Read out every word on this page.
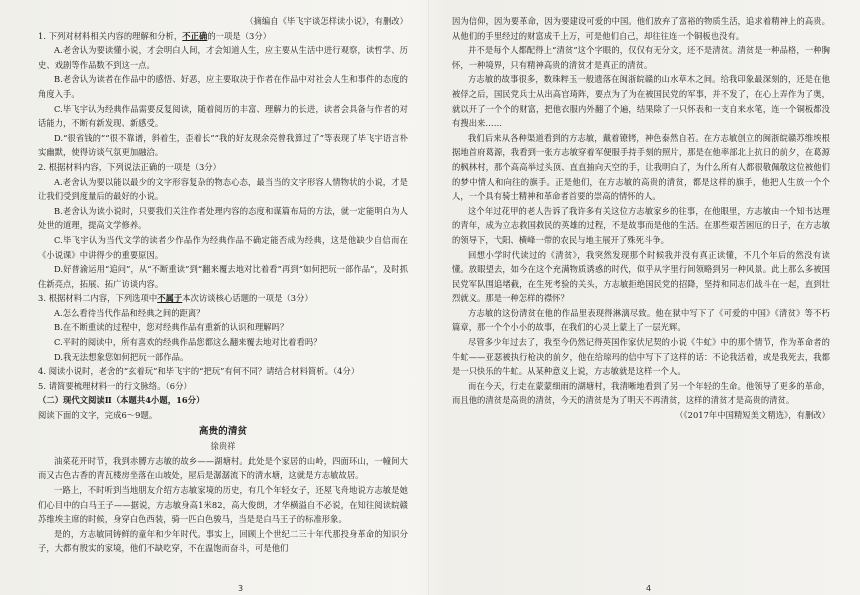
（摘编自《毕飞宇谈怎样读小说》，有删改）
1. 下列对材料相关内容的理解和分析，不正确的一项是（3分）
A.老舍认为要读懂小说，才会明白人间，才会知道人生，应主要从生活中进行观察，读哲学、历史、戏剧等作品数不到这一点。
B.老舍认为读者在作品中的感悟、好恶，应主要取决于作者在作品中对社会人生和事件的态度的角度入手。
C.毕飞宇认为经典作品需要反复阅读，随着阅历的丰富、理解力的长进，读者会具备与作者的对话能力，不断有新发现、新感受。
D.“很省钱的”“很不靠谱，斜着生，歪着长”“我的好友现余亮曾我算过了”等表现了毕飞宇语言朴实幽默，使得访谈气氛更加融洽。
2. 根据材料内容，下列说法正确的一项是（3分）
A.老舍认为要以能以最少的文字形容复杂的物态心态，最当当的文字形容人情物状的小说，才是让我们受到度量后的最好的小说。
B.老舍认为读小说时，只要我们关注作者处理内容的态度和谋篇布局的方法，就一定能明白为人处世的道理，提高文学修养。
C.毕飞宇认为当代文学的读者少作品作为经典作品不确定能否成为经典，这是他缺少自信而在《小说课》中讲得少的重要原因。
D.好普渝运用“追问”，从“不断重读”到“翻来覆去地对比着看”再到“如何把玩一部作品”，及时抓住新亮点，拓展、拓广访谈内容。
3. 根据材料二内容，下列选项中不属于本次访谈核心话题的一项是（3分）
A.怎么看待当代作品和经典之间的距离？
B.在不断重读的过程中，您对经典作品有重新的认识和理解吗？
C.平时的阅读中，所有喜欢的经典作品您都这么翻来覆去地对比着看吗？
D.我无法想象您如何把玩一部作品。
4. 阅读小说时，老舍的“玄着玩”和毕飞宇的“把玩”有何不同？请结合材料简析。（4分）
5. 请简要梳理材料一的行文脉络。（6分）
（二）现代文阅读Ⅱ（本题共4小题，16分）
阅读下面的文字，完成6～9题。
高贵的清贫
徐贵祥
油菜花开时节，我到赤膊方志敏的故乡——湖塘村。此处是个家居的山岭，四面环山，一幢间大而又古色古香的青瓦楼房坐落在山坡处，屋后是潺潺流下的清水塘，这就是方志敏故居。
一路上，不时听到当地朋友介绍方志敏家境的历史，有几个年轻女子，还屋飞舟地说方志敏是她们心目中的白马王子——据说，方志敏身高1米82，高大俊朗，才华横溢自不必说，在知往阅读皖赣苏维埃主席的时候，身穿白色西装，骑一匹白色骏马，当是是白马王子的标准形象。
是的，方志敏同铸鲜的童年和少年时代。事实上，回顾上个世纪二三十年代那投身革命的知识分子，大都有殷实的家境，他们不缺吃穿，不在温饱而奋斗，可是他们
3
因为信仰，因为要革命，因为要建设可爱的中国。他们放弃了富裕的物质生活，追求着精神上的高贵。从他们的手里经过的财富成千上万，可是他们自己，却往往连一个铜板也没有。
并不是每个人都配得上“清贫”这个字眼的，仅仅有无分文，还不是清贫。清贫是一种品格，一种胸怀，一种境界，只有精神高贵的清贫才是真正的清贫。
方志敏的故事很多，数珠粹玉一般遗落在闽浙皖赣的山水草木之间。给我印象最深刻的，还是在他被俘之后，国民党兵士从出高官琦阵，要点为了为在被国民党的军事，并不发了，在心上弄作为了奥，就以开了一个个的财富，把他衣服内外翻了个遍，结果除了一只怀表和一支自来水笔，连一个铜板都没有搜出来……
我们后来从各种渠道看到的方志敏，戴着镣铐，神色泰然自若。在方志敏创立的闽浙皖赣苏维埃根据地首府葛源，我看到一张方志敏穿着军便服手持手刻的照片，那是在他率部北上抗日的前夕，在葛源的枫林村，那个高高举过头顶、直直抽向天空的手，让我明白了，为什么所有人都很敬佩敬这位被他们的梦中情人和向往的旗手。正是他们，在方志敏的高贵的清贫，都是这样的旗手，他把人生放一个个人，一个具有骑士精神和革命者首要的崇高的情怀的人。
这个年过花甲的老人告诉了我许多有关这位方志敏家乡的往事，在他眼里，方志敏由一个知书达理的青年，成为立志救国救民的英雄的过程，不是故事而是他的生活。在那些艰苦困厄的日子，在方志敏的领导下，弋阳、横峰一带的农民与地主展开了殊死斗争。
回想小学时代读过的《清贫》，我突然发现那个时候我并没有真正读懂，不几个年后的然没有读懂。放眼望去，如今在这个充满物质诱惑的时代，似乎从字里行间领略到另一种风景。此上那么多被国民党军队围追堵截，在生死考验的关头，方志敏拒绝国民党的招降，坚持和同志们战斗在一起，直到壮烈就义。那是一种怎样的襟怀？
方志敏的这份清贫在他的作品里表现得淋漓尽致。他在狱中写下了《可爱的中国》《清贫》等不朽篇章，那一个个小小的故事，在我们的心灵上蒙上了一层光辉。
尽管多少年过去了，我至今仍然记得英国作家伏尼契的小说《牛虻》中的那个情节，作为革命者的牛虻——亚瑟被执行枪决的前夕，他在给琼玛的信中写下了这样的话：不论我活着，或是我死去，我都是一只快乐的牛虻。从某种意义上说，方志敏就是这样一个人。
而在今天，行走在蒙蒙细雨的湖塘村，我清晰地看到了另一个年轻的生命。他领导了更多的革命，而且他的清贫是高贵的清贫，今天的清贫是为了明天不再清贫，这样的清贫才是高贵的清贫。
（《2017年中国精短美文精选》，有删改）
4
